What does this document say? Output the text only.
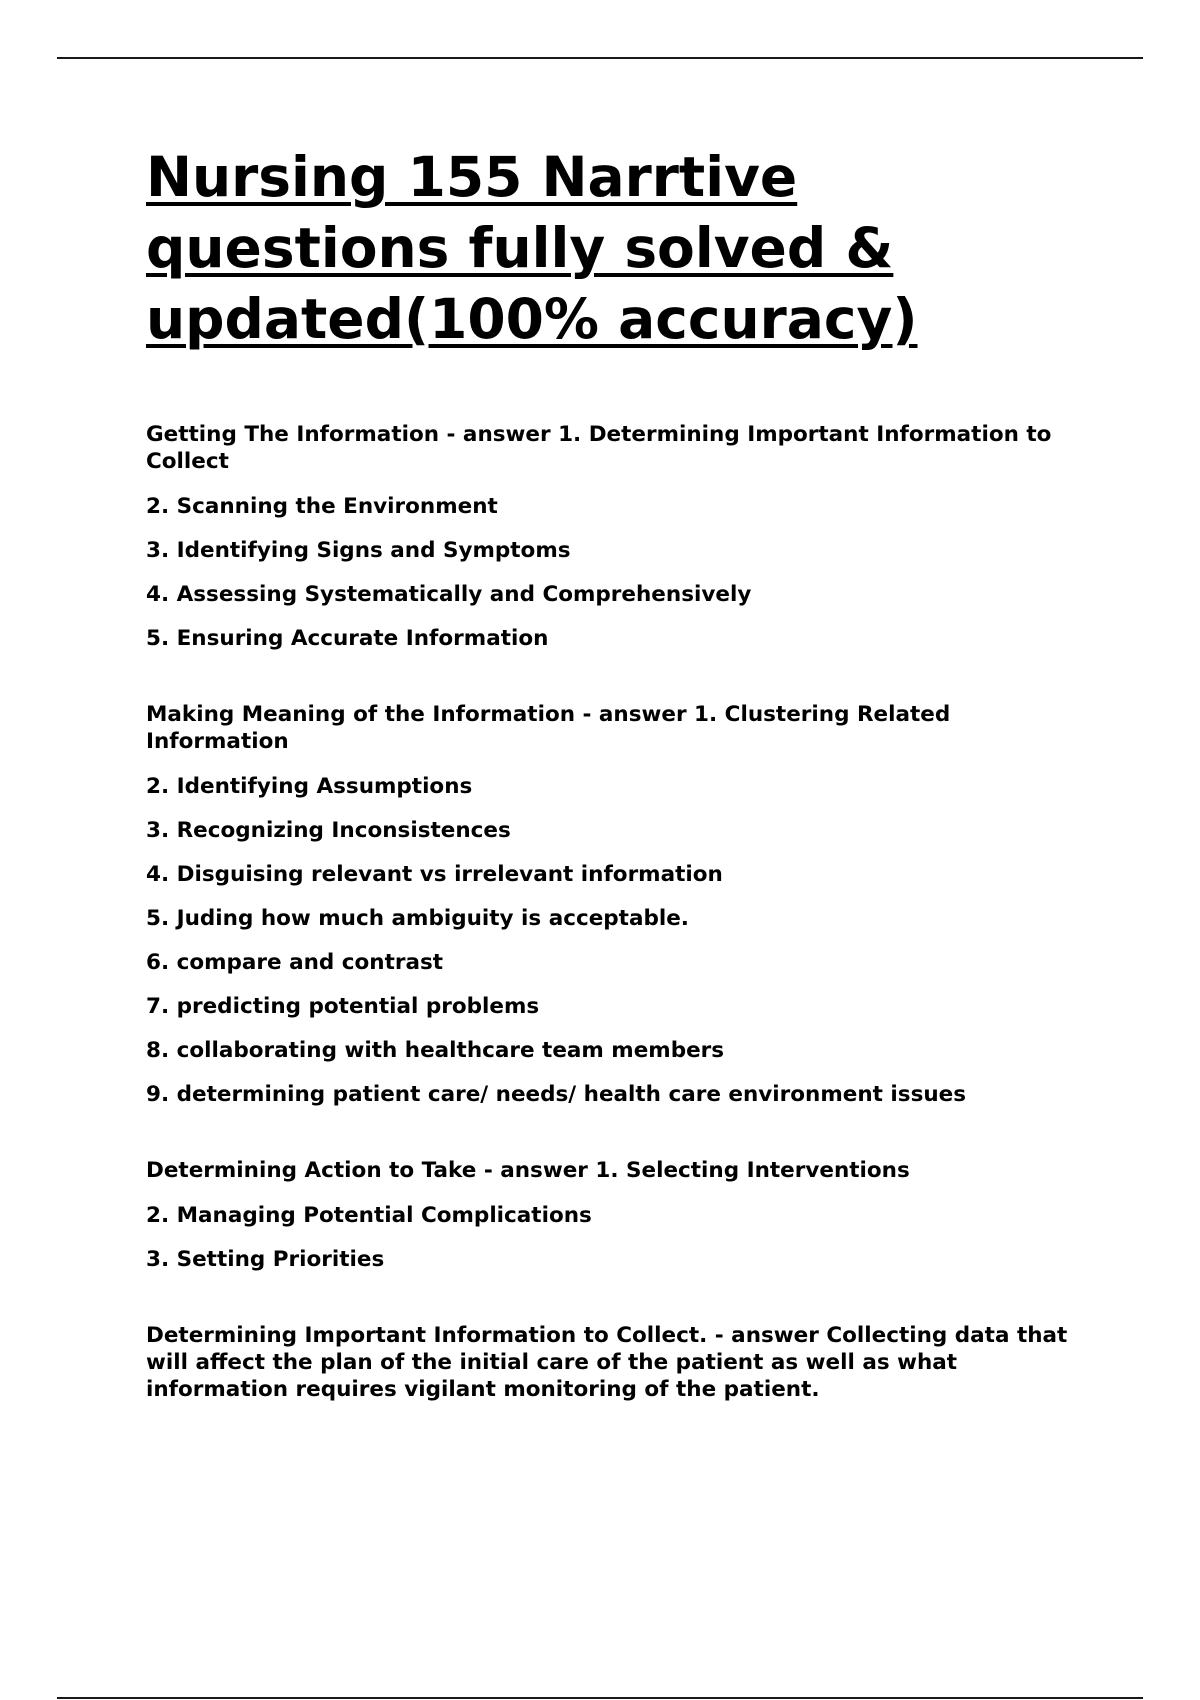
Nursing 155 Narrtive questions fully solved & updated(100% accuracy)

Getting The Information - answer 1. Determining Important Information to Collect

2. Scanning the Environment

3. Identifying Signs and Symptoms

4. Assessing Systematically and Comprehensively

5. Ensuring Accurate Information

Making Meaning of the Information - answer 1. Clustering Related Information

2. Identifying Assumptions

3. Recognizing Inconsistences

4. Disguising relevant vs irrelevant information

5. Juding how much ambiguity is acceptable.

6. compare and contrast

7. predicting potential problems

8. collaborating with healthcare team members

9. determining patient care/ needs/ health care environment issues

Determining Action to Take - answer 1. Selecting Interventions

2. Managing Potential Complications

3. Setting Priorities

Determining Important Information to Collect. - answer Collecting data that will affect the plan of the initial care of the patient as well as what information requires vigilant monitoring of the patient.
